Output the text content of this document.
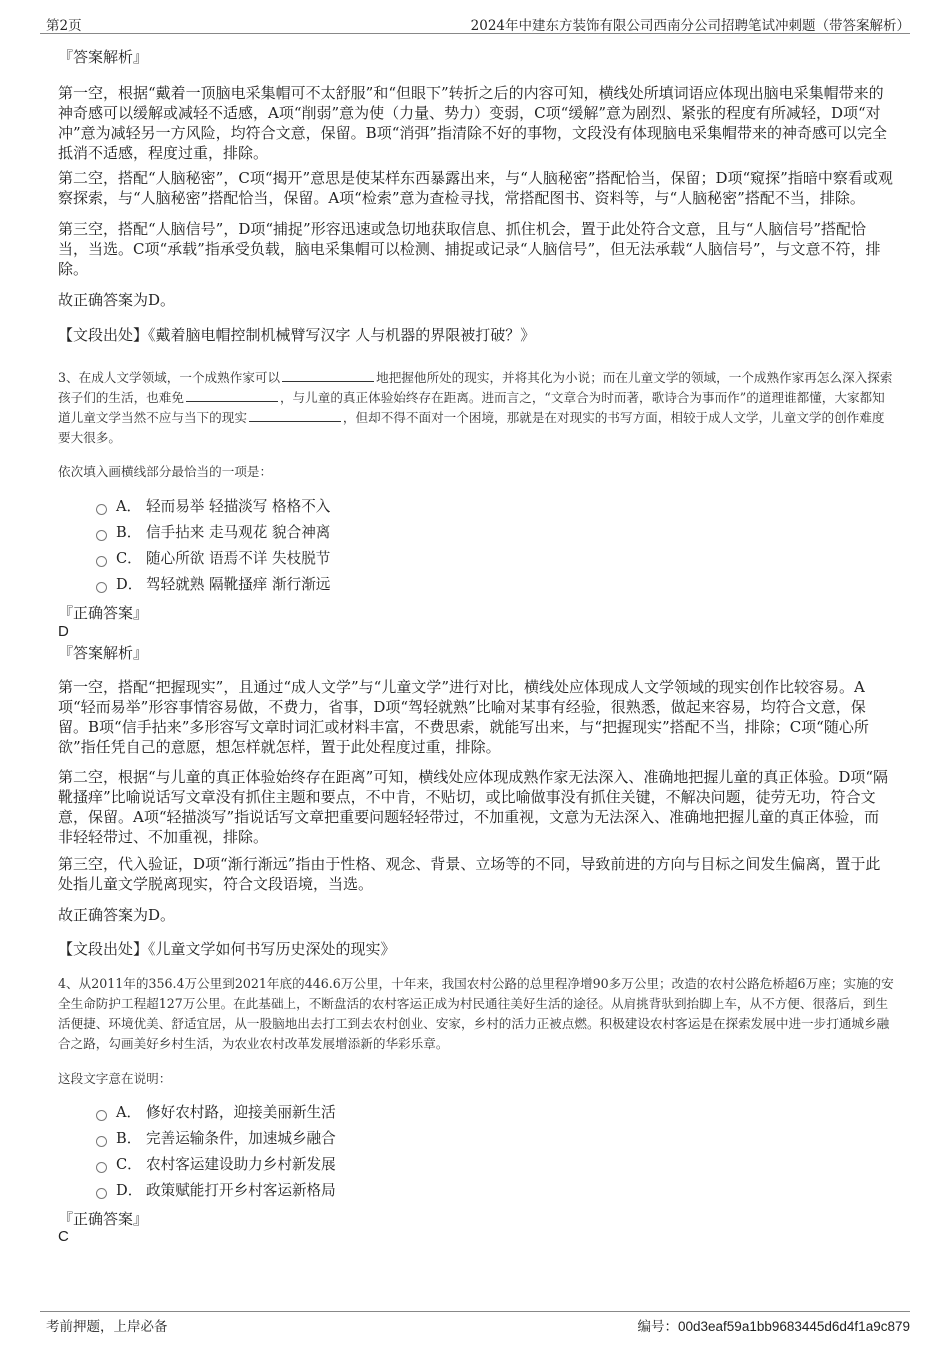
第2页	2024年中建东方装饰有限公司西南分公司招聘笔试冲刺题（带答案解析）
『答案解析』
第一空，根据“戴着一顶脑电采集帽可不太舒服”和“但眼下”转折之后的内容可知，横线处所填词语应体现出脑电采集帽带来的神奇感可以缓解或减轻不适感，A项“削弱”意为使（力量、势力）变弱，C项“缓解”意为剧烈、紧张的程度有所减轻，D项“对冲”意为减轻另一方风险，均符合文意，保留。B项“消弭”指清除不好的事物，文段没有体现脑电采集帽带来的神奇感可以完全抵消不适感，程度过重，排除。
第二空，搭配“人脑秘密”，C项“揭开”意思是使某样东西暴露出来，与“人脑秘密”搭配恰当，保留；D项“窥探”指暗中察看或观察探索，与“人脑秘密”搭配恰当，保留。A项“检索”意为查检寻找，常搭配图书、资料等，与“人脑秘密”搭配不当，排除。
第三空，搭配“人脑信号”，D项“捕捉”形容迅速或急切地获取信息、抓住机会，置于此处符合文意，且与“人脑信号”搭配恰当，当选。C项“承载”指承受负载，脑电采集帽可以检测、捕捉或记录“人脑信号”，但无法承载“人脑信号”，与文意不符，排除。
故正确答案为D。
【文段出处】《戴着脑电帽控制机械臂写汉字 人与机器的界限被打破？》
3、在成人文学领域，一个成熟作家可以	地把握他所处的现实，并将其化为小说；而在儿童文学的领域，一个成熟作家再怎么深入探索孩子们的生活，也难免	，与儿童的真正体验始终存在距离。进而言之，“文章合为时而著，歌诗合为事而作”的道理谁都懂，大家都知道儿童文学当然不应与当下的现实	，但却不得不面对一个困境，那就是在对现实的书写方面，相较于成人文学，儿童文学的创作难度要大很多。
依次填入画横线部分最恰当的一项是：
A． 轻而易举 轻描淡写 格格不入
B． 信手拈来 走马观花 貌合神离
C． 随心所欲 语焉不详 失枝脱节
D． 驾轻就熟 隔靴搔痒 渐行渐远
『正确答案』
D
『答案解析』
第一空，搭配“把握现实”，且通过“成人文学”与“儿童文学”进行对比，横线处应体现成人文学领域的现实创作比较容易。A项“轻而易举”形容事情容易做，不费力，省事，D项“驾轻就熟”比喻对某事有经验，很熟悉，做起来容易，均符合文意，保留。B项“信手拈来”多形容写文章时词汇或材料丰富，不费思索，就能写出来，与“把握现实”搭配不当，排除；C项“随心所欲”指任凭自己的意愿，想怎样就怎样，置于此处程度过重，排除。
第二空，根据“与儿童的真正体验始终存在距离”可知，横线处应体现成熟作家无法深入、准确地把握儿童的真正体验。D项“隔靴搔痒”比喻说话写文章没有抓住主题和要点，不中肯，不贴切，或比喻做事没有抓住关键，不解决问题，徒劳无功，符合文意，保留。A项“轻描淡写”指说话写文章把重要问题轻轻带过，不加重视，文意为无法深入、准确地把握儿童的真正体验，而非轻轻带过、不加重视，排除。
第三空，代入验证，D项“渐行渐远”指由于性格、观念、背景、立场等的不同，导致前进的方向与目标之间发生偏离，置于此处指儿童文学脱离现实，符合文段语境，当选。
故正确答案为D。
【文段出处】《儿童文学如何书写历史深处的现实》
4、从2011年的356.4万公里到2021年底的446.6万公里，十年来，我国农村公路的总里程净增90多万公里；改造的农村公路危桥超6万座；实施的安全生命防护工程超127万公里。在此基础上，不断盘活的农村客运正成为村民通往美好生活的途径。从肩挑背驮到抬脚上车，从不方便、很落后，到生活便捷、环境优美、舒适宜居，从一股脑地出去打工到去农村创业、安家，乡村的活力正被点燃。积极建设农村客运是在探索发展中进一步打通城乡融合之路，勾画美好乡村生活，为农业农村改革发展增添新的华彩乐章。
这段文字意在说明：
A． 修好农村路，迎接美丽新生活
B． 完善运输条件，加速城乡融合
C． 农村客运建设助力乡村新发展
D． 政策赋能打开乡村客运新格局
『正确答案』
C
考前押题，上岸必备	编号：00d3eaf59a1bb9683445d6d4f1a9c879
